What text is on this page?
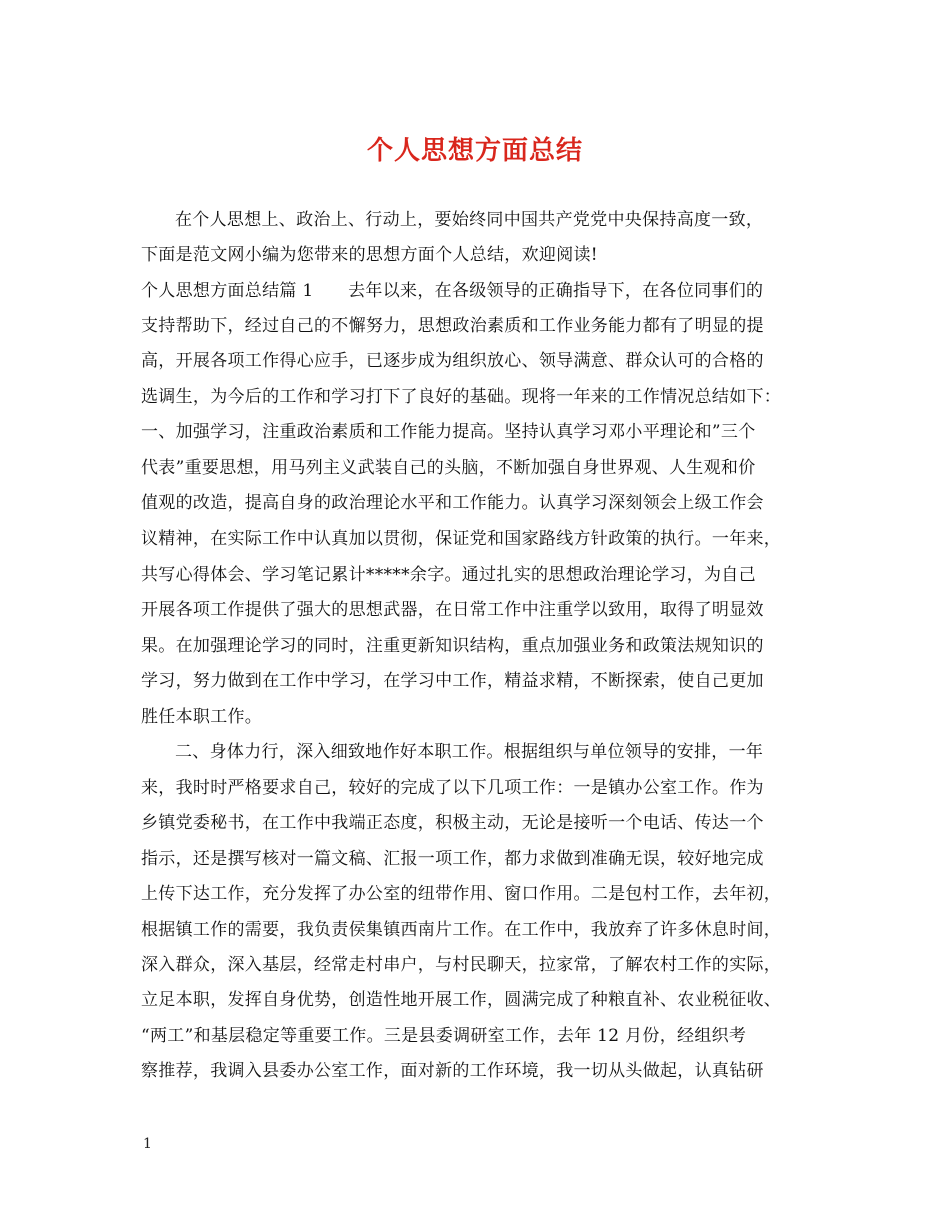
个人思想方面总结
在个人思想上、政治上、行动上，要始终同中国共产党党中央保持高度一致，
下面是范文网小编为您带来的思想方面个人总结，欢迎阅读!
个人思想方面总结篇 1　　去年以来，在各级领导的正确指导下，在各位同事们的
支持帮助下，经过自己的不懈努力，思想政治素质和工作业务能力都有了明显的提
高，开展各项工作得心应手，已逐步成为组织放心、领导满意、群众认可的合格的
选调生，为今后的工作和学习打下了良好的基础。现将一年来的工作情况总结如下：
一、加强学习，注重政治素质和工作能力提高。坚持认真学习邓小平理论和”三个
代表”重要思想，用马列主义武装自己的头脑，不断加强自身世界观、人生观和价
值观的改造，提高自身的政治理论水平和工作能力。认真学习深刻领会上级工作会
议精神，在实际工作中认真加以贯彻，保证党和国家路线方针政策的执行。一年来，
共写心得体会、学习笔记累计*****余字。通过扎实的思想政治理论学习，为自己
开展各项工作提供了强大的思想武器，在日常工作中注重学以致用，取得了明显效
果。在加强理论学习的同时，注重更新知识结构，重点加强业务和政策法规知识的
学习，努力做到在工作中学习，在学习中工作，精益求精，不断探索，使自己更加
胜任本职工作。
二、身体力行，深入细致地作好本职工作。根据组织与单位领导的安排，一年
来，我时时严格要求自己，较好的完成了以下几项工作：一是镇办公室工作。作为
乡镇党委秘书，在工作中我端正态度，积极主动，无论是接听一个电话、传达一个
指示，还是撰写核对一篇文稿、汇报一项工作，都力求做到准确无误，较好地完成
上传下达工作，充分发挥了办公室的纽带作用、窗口作用。二是包村工作，去年初，
根据镇工作的需要，我负责侯集镇西南片工作。在工作中，我放弃了许多休息时间，
深入群众，深入基层，经常走村串户，与村民聊天，拉家常，了解农村工作的实际，
立足本职，发挥自身优势，创造性地开展工作，圆满完成了种粮直补、农业税征收、
“两工”和基层稳定等重要工作。三是县委调研室工作，去年 12 月份，经组织考
察推荐，我调入县委办公室工作，面对新的工作环境，我一切从头做起，认真钻研
1
